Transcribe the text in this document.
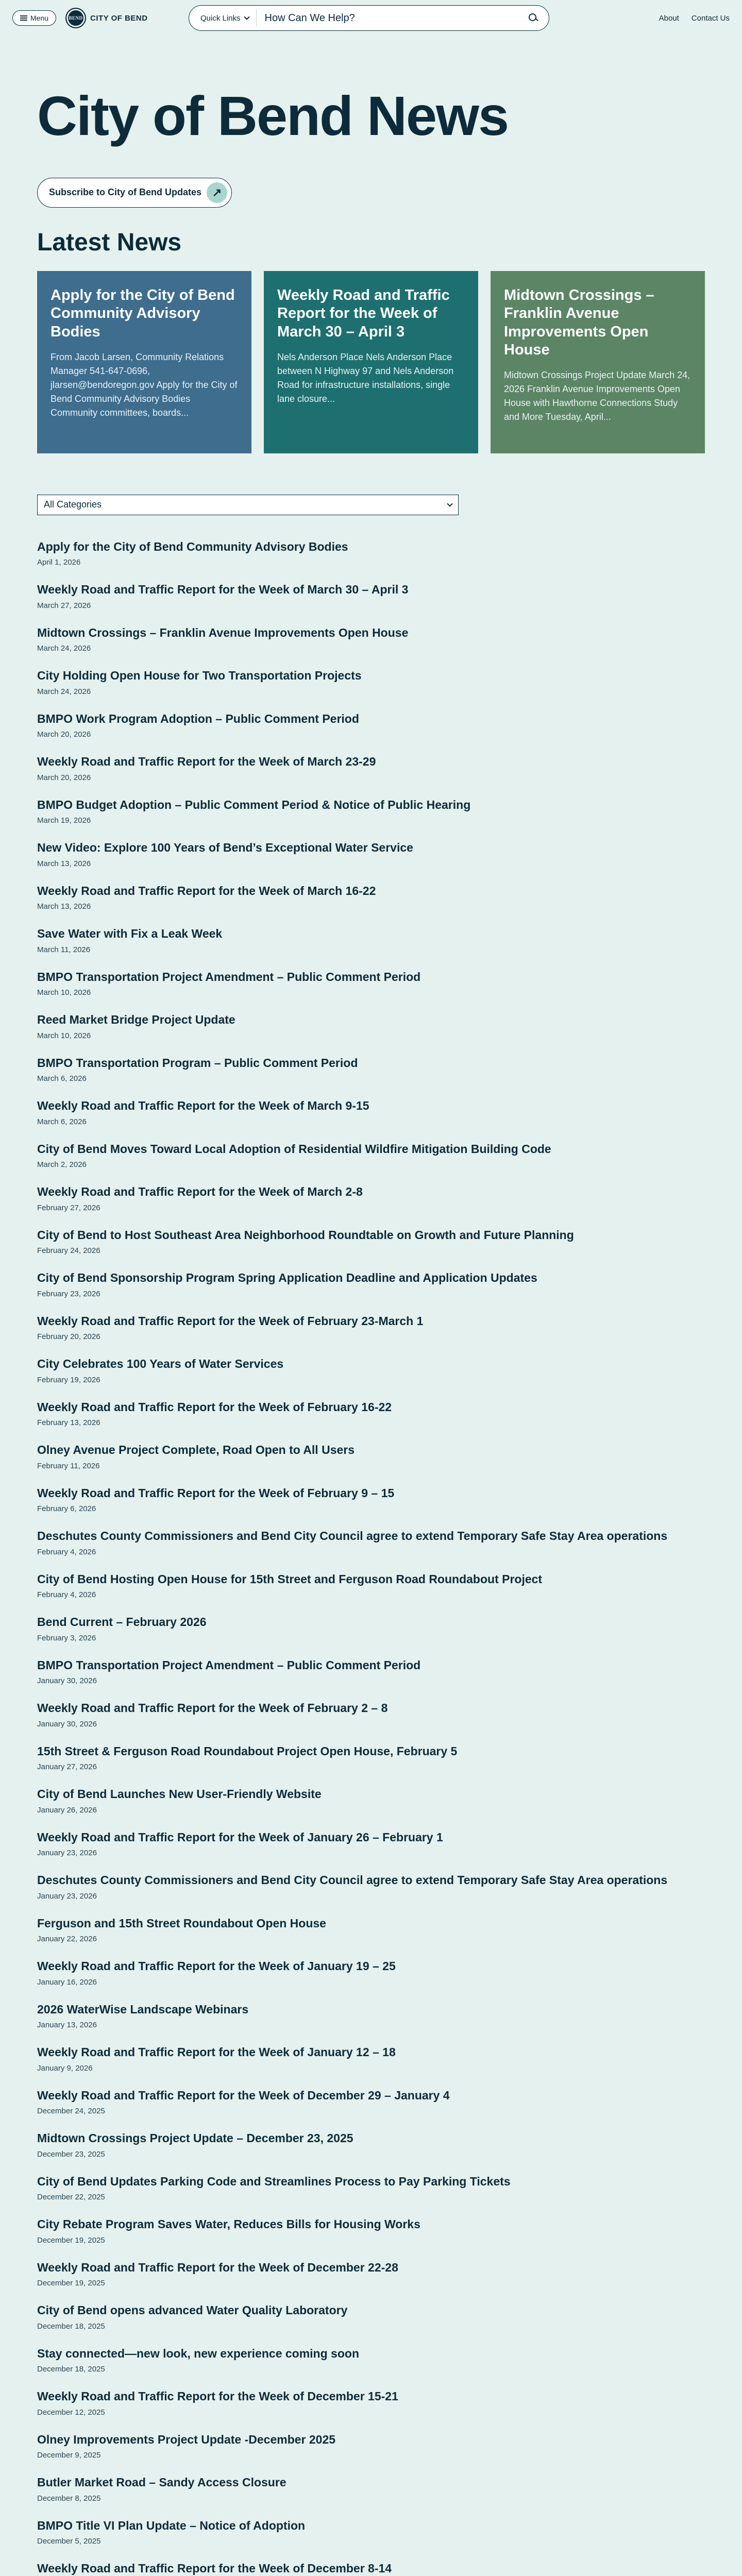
Menu	BEND CITY OF BEND	Quick Links
How Can We Help?	About Contact Us
City of Bend News
Subscribe to City of Bend Updates ↗
Latest News
Apply for the City of Bend Community Advisory Bodies
From Jacob Larsen, Community Relations Manager 541-647-0696, jlarsen@bendoregon.gov Apply for the City of Bend Community Advisory Bodies Community committees, boards...
Weekly Road and Traffic Report for the Week of March 30 – April 3
Nels Anderson Place Nels Anderson Place between N Highway 97 and Nels Anderson Road for infrastructure installations, single lane closure...
Midtown Crossings – Franklin Avenue Improvements Open House
Midtown Crossings Project Update March 24, 2026 Franklin Avenue Improvements Open House with Hawthorne Connections Study and More Tuesday, April...
All Categories
Apply for the City of Bend Community Advisory Bodies
April 1, 2026
Weekly Road and Traffic Report for the Week of March 30 – April 3
March 27, 2026
Midtown Crossings – Franklin Avenue Improvements Open House
March 24, 2026
City Holding Open House for Two Transportation Projects
March 24, 2026
BMPO Work Program Adoption – Public Comment Period
March 20, 2026
Weekly Road and Traffic Report for the Week of March 23-29
March 20, 2026
BMPO Budget Adoption – Public Comment Period & Notice of Public Hearing
March 19, 2026
New Video: Explore 100 Years of Bend’s Exceptional Water Service
March 13, 2026
Weekly Road and Traffic Report for the Week of March 16-22
March 13, 2026
Save Water with Fix a Leak Week
March 11, 2026
BMPO Transportation Project Amendment – Public Comment Period
March 10, 2026
Reed Market Bridge Project Update
March 10, 2026
BMPO Transportation Program – Public Comment Period
March 6, 2026
Weekly Road and Traffic Report for the Week of March 9-15
March 6, 2026
City of Bend Moves Toward Local Adoption of Residential Wildfire Mitigation Building Code
March 2, 2026
Weekly Road and Traffic Report for the Week of March 2-8
February 27, 2026
City of Bend to Host Southeast Area Neighborhood Roundtable on Growth and Future Planning
February 24, 2026
City of Bend Sponsorship Program Spring Application Deadline and Application Updates
February 23, 2026
Weekly Road and Traffic Report for the Week of February 23-March 1
February 20, 2026
City Celebrates 100 Years of Water Services
February 19, 2026
Weekly Road and Traffic Report for the Week of February 16-22
February 13, 2026
Olney Avenue Project Complete, Road Open to All Users
February 11, 2026
Weekly Road and Traffic Report for the Week of February 9 – 15
February 6, 2026
Deschutes County Commissioners and Bend City Council agree to extend Temporary Safe Stay Area operations
February 4, 2026
City of Bend Hosting Open House for 15th Street and Ferguson Road Roundabout Project
February 4, 2026
Bend Current – February 2026
February 3, 2026
BMPO Transportation Project Amendment – Public Comment Period
January 30, 2026
Weekly Road and Traffic Report for the Week of February 2 – 8
January 30, 2026
15th Street & Ferguson Road Roundabout Project Open House, February 5
January 27, 2026
City of Bend Launches New User-Friendly Website
January 26, 2026
Weekly Road and Traffic Report for the Week of January 26 – February 1
January 23, 2026
Deschutes County Commissioners and Bend City Council agree to extend Temporary Safe Stay Area operations
January 23, 2026
Ferguson and 15th Street Roundabout Open House
January 22, 2026
Weekly Road and Traffic Report for the Week of January 19 – 25
January 16, 2026
2026 WaterWise Landscape Webinars
January 13, 2026
Weekly Road and Traffic Report for the Week of January 12 – 18
January 9, 2026
Weekly Road and Traffic Report for the Week of December 29 – January 4
December 24, 2025
Midtown Crossings Project Update – December 23, 2025
December 23, 2025
City of Bend Updates Parking Code and Streamlines Process to Pay Parking Tickets
December 22, 2025
City Rebate Program Saves Water, Reduces Bills for Housing Works
December 19, 2025
Weekly Road and Traffic Report for the Week of December 22-28
December 19, 2025
City of Bend opens advanced Water Quality Laboratory
December 18, 2025
Stay connected—new look, new experience coming soon
December 18, 2025
Weekly Road and Traffic Report for the Week of December 15-21
December 12, 2025
Olney Improvements Project Update -December 2025
December 9, 2025
Butler Market Road – Sandy Access Closure
December 8, 2025
BMPO Title VI Plan Update – Notice of Adoption
December 5, 2025
Weekly Road and Traffic Report for the Week of December 8-14
